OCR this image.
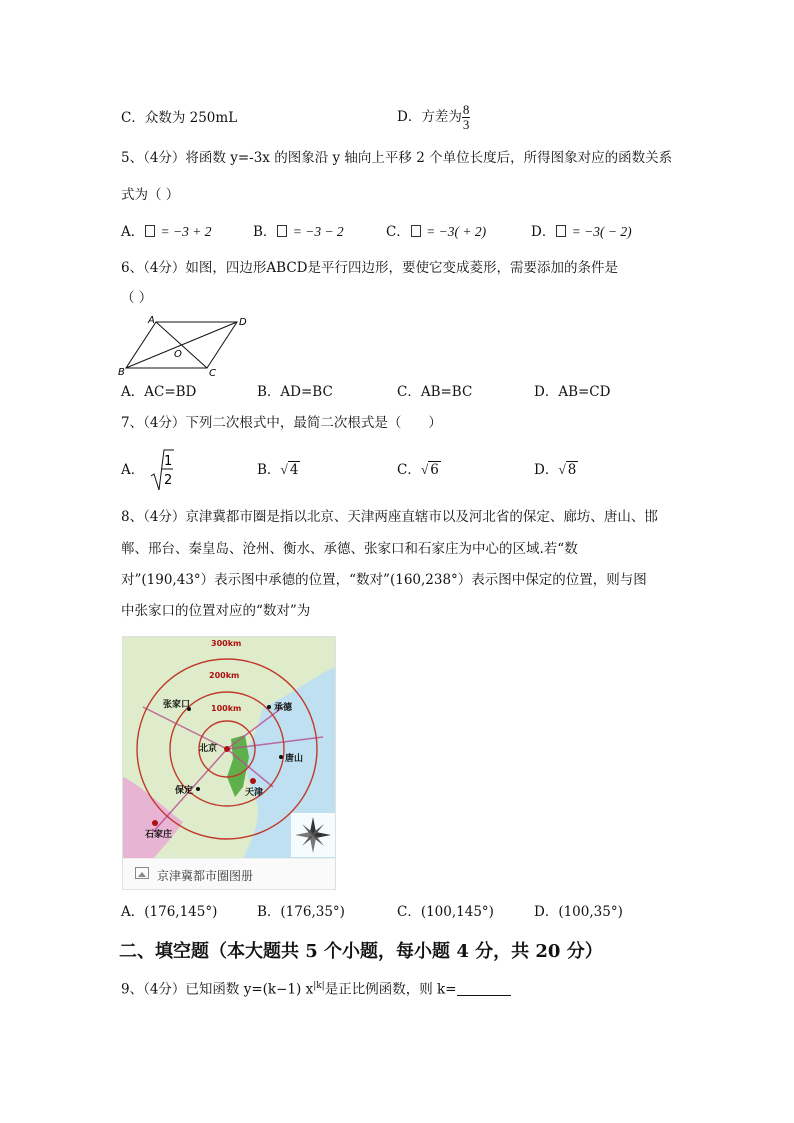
C．众数为 250mL	D．方差为 $\frac{8}{3}$
5、（4分）将函数 y=-3x 的图象沿 y 轴向上平移 2 个单位长度后，所得图象对应的函数关系
式为（ ）
A． = −3 + 2	B． = −3 − 2	C． = −3( + 2)	D． = −3( − 2)
6、（4分）如图，四边形ABCD是平行四边形，要使它变成菱形，需要添加的条件是
（ ）
A	D
B	C
O
A．AC=BD	B．AD=BC	C．AB=BC	D．AB=CD
7、（4分）下列二次根式中，最简二次根式是（　　）
A．
1
2
B．√ 4	C．√ 6	D．√ 8
8、（4分）京津冀都市圈是指以北京、天津两座直辖市以及河北省的保定、廊坊、唐山、邯
郸、邢台、秦皇岛、沧州、衡水、承德、张家口和石家庄为中心的区域.若“数
对”(190,43°）表示图中承德的位置，“数对”(160,238°）表示图中保定的位置，则与图
中张家口的位置对应的“数对”为
300km
200km
100km
北京
张家口	承德
唐山
保定	天津
石家庄
京津冀都市圈图册
A．(176,145°)	B．(176,35°)	C．(100,145°)	D．(100,35°)
二、填空题（本大题共 5 个小题，每小题 4 分，共 20 分）
9、（4分）已知函数 y=(k−1) $x^{|k|}$是正比例函数，则 k=
